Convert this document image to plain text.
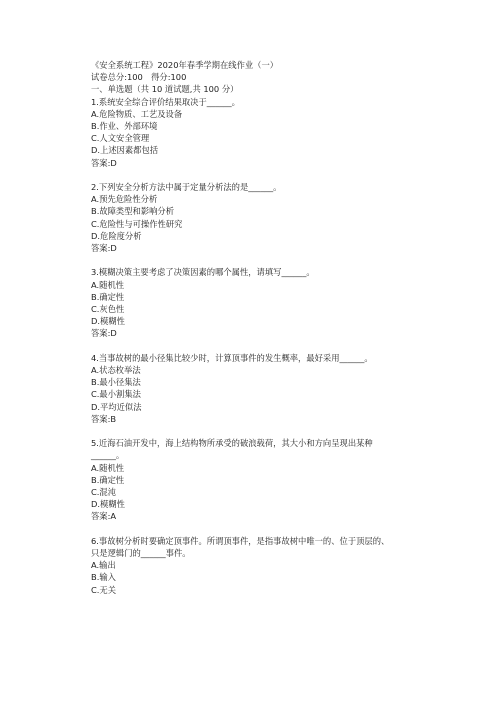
《安全系统工程》2020年春季学期在线作业（一）
试卷总分:100　得分:100
一、单选题（共 10 道试题,共 100 分）
1.系统安全综合评价结果取决于______。
A.危险物质、工艺及设备
B.作业、外部环境
C.人文安全管理
D.上述因素都包括
答案:D
2.下列安全分析方法中属于定量分析法的是______。
A.预先危险性分析
B.故障类型和影响分析
C.危险性与可操作性研究
D.危险度分析
答案:D
3.模糊决策主要考虑了决策因素的哪个属性，请填写______。
A.随机性
B.确定性
C.灰色性
D.模糊性
答案:D
4.当事故树的最小径集比较少时，计算顶事件的发生概率，最好采用______。
A.状态枚举法
B.最小径集法
C.最小割集法
D.平均近似法
答案:B
5.近海石油开发中，海上结构物所承受的破浪载荷，其大小和方向呈现出某种
______。
A.随机性
B.确定性
C.混沌
D.模糊性
答案:A
6.事故树分析时要确定顶事件。所谓顶事件，是指事故树中唯一的、位于顶层的、
只是逻辑门的______事件。
A.输出
B.输入
C.无关
